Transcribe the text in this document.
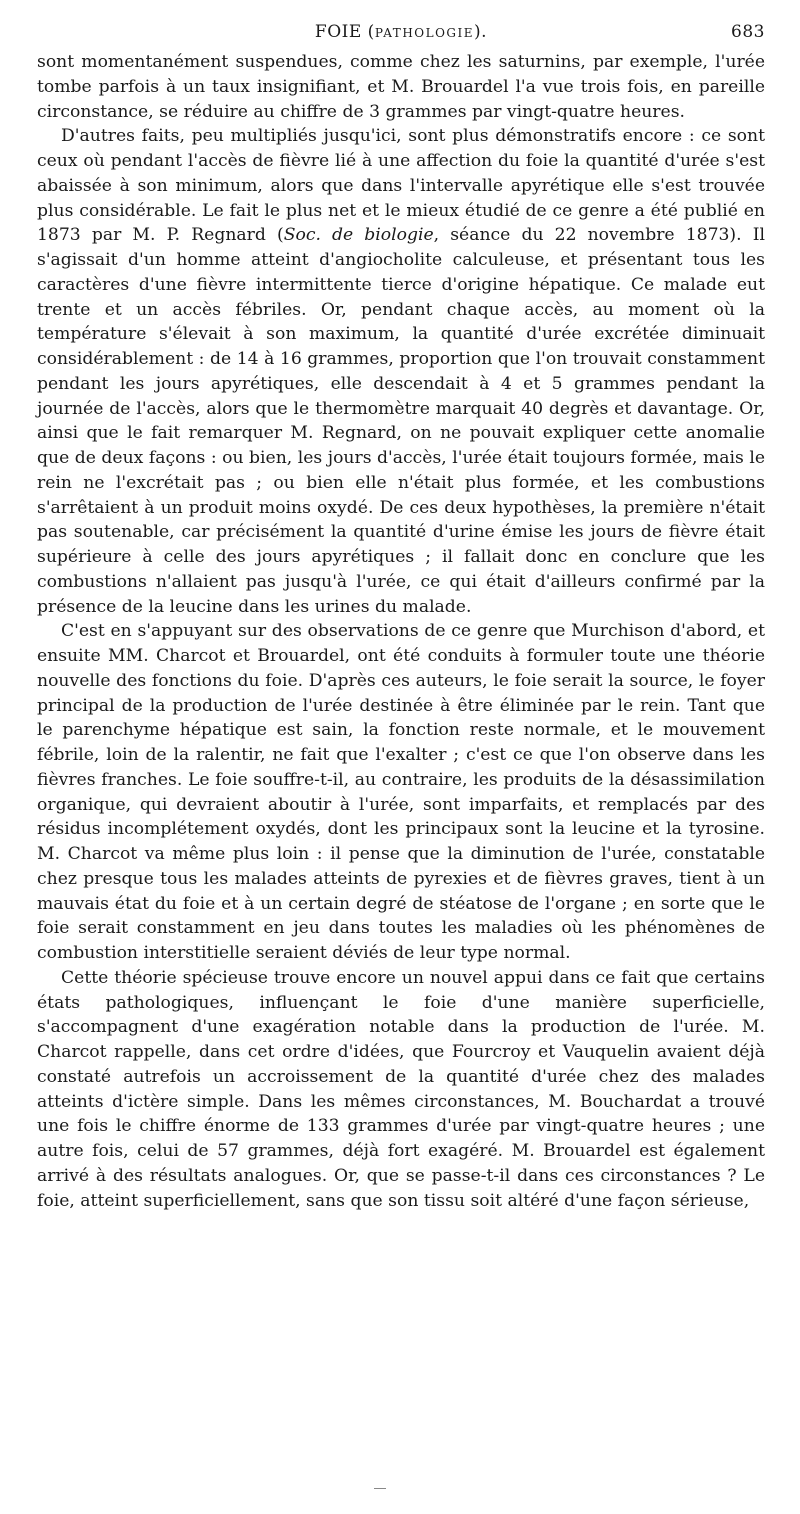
FOIE (PATHOLOGIE).	683

sont momentanément suspendues, comme chez les saturnins, par exemple, l'urée tombe parfois à un taux insignifiant, et M. Brouardel l'a vue trois fois, en pareille circonstance, se réduire au chiffre de 3 grammes par vingt-quatre heures.

D'autres faits, peu multipliés jusqu'ici, sont plus démonstratifs encore : ce sont ceux où pendant l'accès de fièvre lié à une affection du foie la quantité d'urée s'est abaissée à son minimum, alors que dans l'intervalle apyrétique elle s'est trouvée plus considérable. Le fait le plus net et le mieux étudié de ce genre a été publié en 1873 par M. P. Regnard (Soc. de biologie, séance du 22 novembre 1873). Il s'agissait d'un homme atteint d'angiocholite calculeuse, et présentant tous les caractères d'une fièvre intermittente tierce d'origine hépatique. Ce malade eut trente et un accès fébriles. Or, pendant chaque accès, au moment où la température s'élevait à son maximum, la quantité d'urée excrétée diminuait considérablement : de 14 à 16 grammes, proportion que l'on trouvait constamment pendant les jours apyrétiques, elle descendait à 4 et 5 grammes pendant la journée de l'accès, alors que le thermomètre marquait 40 degrès et davantage. Or, ainsi que le fait remarquer M. Regnard, on ne pouvait expliquer cette anomalie que de deux façons : ou bien, les jours d'accès, l'urée était toujours formée, mais le rein ne l'excrétait pas ; ou bien elle n'était plus formée, et les combustions s'arrêtaient à un produit moins oxydé. De ces deux hypothèses, la première n'était pas soutenable, car précisément la quantité d'urine émise les jours de fièvre était supérieure à celle des jours apyrétiques ; il fallait donc en conclure que les combustions n'allaient pas jusqu'à l'urée, ce qui était d'ailleurs confirmé par la présence de la leucine dans les urines du malade.

C'est en s'appuyant sur des observations de ce genre que Murchison d'abord, et ensuite MM. Charcot et Brouardel, ont été conduits à formuler toute une théorie nouvelle des fonctions du foie. D'après ces auteurs, le foie serait la source, le foyer principal de la production de l'urée destinée à être éliminée par le rein. Tant que le parenchyme hépatique est sain, la fonction reste normale, et le mouvement fébrile, loin de la ralentir, ne fait que l'exalter ; c'est ce que l'on observe dans les fièvres franches. Le foie souffre-t-il, au contraire, les produits de la désassimilation organique, qui devraient aboutir à l'urée, sont imparfaits, et remplacés par des résidus incomplétement oxydés, dont les principaux sont la leucine et la tyrosine. M. Charcot va même plus loin : il pense que la diminution de l'urée, constatable chez presque tous les malades atteints de pyrexies et de fièvres graves, tient à un mauvais état du foie et à un certain degré de stéatose de l'organe ; en sorte que le foie serait constamment en jeu dans toutes les maladies où les phénomènes de combustion interstitielle seraient déviés de leur type normal.

Cette théorie spécieuse trouve encore un nouvel appui dans ce fait que certains états pathologiques, influençant le foie d'une manière superficielle, s'accompagnent d'une exagération notable dans la production de l'urée. M. Charcot rappelle, dans cet ordre d'idées, que Fourcroy et Vauquelin avaient déjà constaté autrefois un accroissement de la quantité d'urée chez des malades atteints d'ictère simple. Dans les mêmes circonstances, M. Bouchardat a trouvé une fois le chiffre énorme de 133 grammes d'urée par vingt-quatre heures ; une autre fois, celui de 57 grammes, déjà fort exagéré. M. Brouardel est également arrivé à des résultats analogues. Or, que se passe-t-il dans ces circonstances ? Le foie, atteint superficiellement, sans que son tissu soit altéré d'une façon sérieuse,
